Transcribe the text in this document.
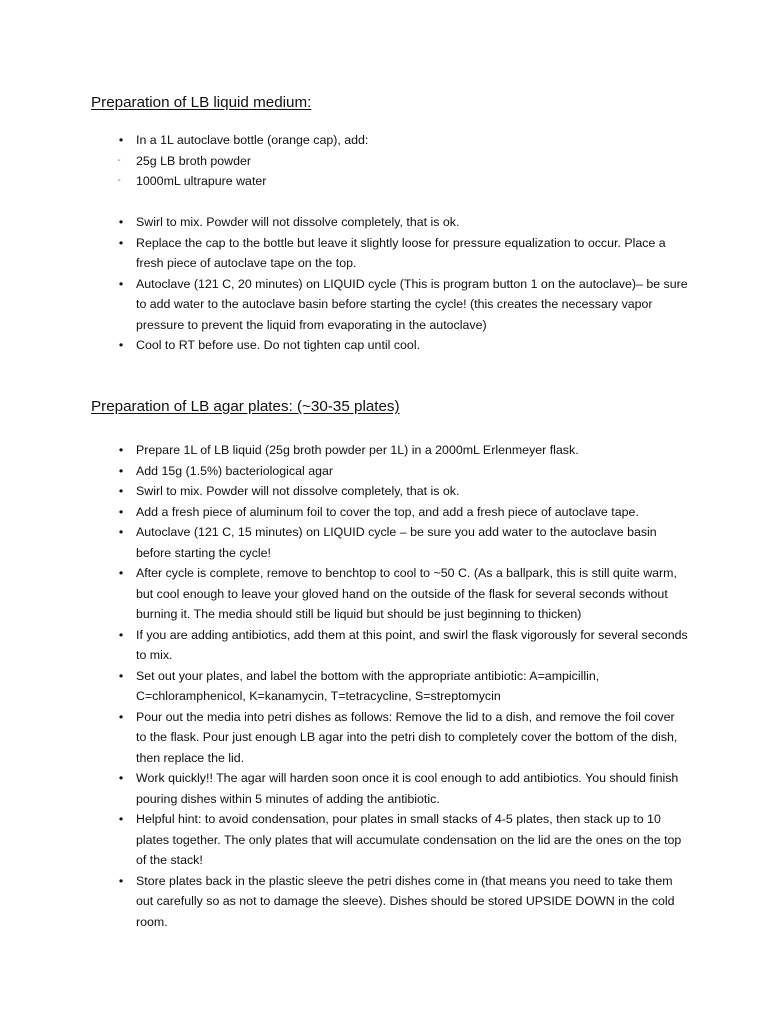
Preparation of LB liquid medium:
•	In a 1L autoclave bottle (orange cap), add:
-	25g LB broth powder
-	1000mL ultrapure water
•	Swirl to mix. Powder will not dissolve completely, that is ok.
•	Replace the cap to the bottle but leave it slightly loose for pressure equalization to occur. Place a fresh piece of autoclave tape on the top.
•	Autoclave (121 C, 20 minutes) on LIQUID cycle (This is program button 1 on the autoclave)– be sure to add water to the autoclave basin before starting the cycle! (this creates the necessary vapor pressure to prevent the liquid from evaporating in the autoclave)
•	Cool to RT before use. Do not tighten cap until cool.
Preparation of LB agar plates: (~30-35 plates)
•	Prepare 1L of LB liquid (25g broth powder per 1L) in a 2000mL Erlenmeyer flask.
•	Add 15g (1.5%) bacteriological agar
•	Swirl to mix. Powder will not dissolve completely, that is ok.
•	Add a fresh piece of aluminum foil to cover the top, and add a fresh piece of autoclave tape.
•	Autoclave (121 C, 15 minutes) on LIQUID cycle – be sure you add water to the autoclave basin before starting the cycle!
•	After cycle is complete, remove to benchtop to cool to ~50 C. (As a ballpark, this is still quite warm, but cool enough to leave your gloved hand on the outside of the flask for several seconds without burning it. The media should still be liquid but should be just beginning to thicken)
•	If you are adding antibiotics, add them at this point, and swirl the flask vigorously for several seconds to mix.
•	Set out your plates, and label the bottom with the appropriate antibiotic: A=ampicillin, C=chloramphenicol, K=kanamycin, T=tetracycline, S=streptomycin
•	Pour out the media into petri dishes as follows: Remove the lid to a dish, and remove the foil cover to the flask. Pour just enough LB agar into the petri dish to completely cover the bottom of the dish, then replace the lid.
•	Work quickly!! The agar will harden soon once it is cool enough to add antibiotics. You should finish pouring dishes within 5 minutes of adding the antibiotic.
•	Helpful hint: to avoid condensation, pour plates in small stacks of 4-5 plates, then stack up to 10 plates together. The only plates that will accumulate condensation on the lid are the ones on the top of the stack!
•	Store plates back in the plastic sleeve the petri dishes come in (that means you need to take them out carefully so as not to damage the sleeve). Dishes should be stored UPSIDE DOWN in the cold room.
